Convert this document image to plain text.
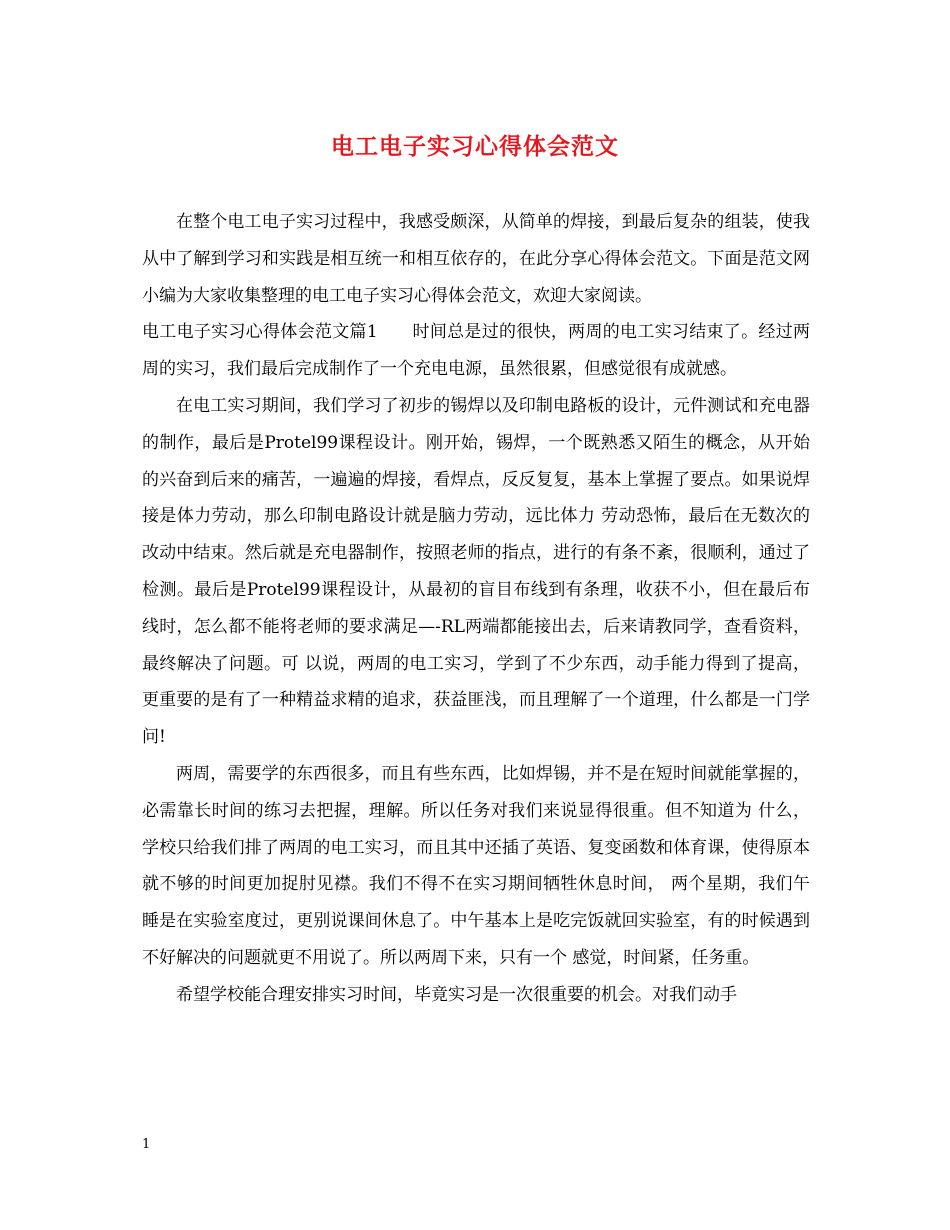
电工电子实习心得体会范文

在整个电工电子实习过程中，我感受颇深，从简单的焊接，到最后复杂的组装，使我从中了解到学习和实践是相互统一和相互依存的，在此分享心得体会范文。下面是范文网小编为大家收集整理的电工电子实习心得体会范文，欢迎大家阅读。

电工电子实习心得体会范文篇1　　时间总是过的很快，两周的电工实习结束了。经过两周的实习，我们最后完成制作了一个充电电源，虽然很累，但感觉很有成就感。

在电工实习期间，我们学习了初步的锡焊以及印制电路板的设计，元件测试和充电器的制作，最后是Protel99课程设计。刚开始，锡焊，一个既熟悉又陌生的概念，从开始的兴奋到后来的痛苦，一遍遍的焊接，看焊点，反反复复，基本上掌握了要点。如果说焊接是体力劳动，那么印制电路设计就是脑力劳动，远比体力 劳动恐怖，最后在无数次的改动中结束。然后就是充电器制作，按照老师的指点，进行的有条不紊，很顺利，通过了检测。最后是Protel99课程设计，从最初的盲目布线到有条理，收获不小，但在最后布线时，怎么都不能将老师的要求满足—-RL两端都能接出去，后来请教同学，查看资料，最终解决了问题。可 以说，两周的电工实习，学到了不少东西，动手能力得到了提高，更重要的是有了一种精益求精的追求，获益匪浅，而且理解了一个道理，什么都是一门学问!

两周，需要学的东西很多，而且有些东西，比如焊锡，并不是在短时间就能掌握的，必需靠长时间的练习去把握，理解。所以任务对我们来说显得很重。但不知道为 什么，学校只给我们排了两周的电工实习，而且其中还插了英语、复变函数和体育课，使得原本就不够的时间更加捉肘见襟。我们不得不在实习期间牺牲休息时间， 两个星期，我们午睡是在实验室度过，更别说课间休息了。中午基本上是吃完饭就回实验室，有的时候遇到不好解决的问题就更不用说了。所以两周下来，只有一个 感觉，时间紧，任务重。

希望学校能合理安排实习时间，毕竟实习是一次很重要的机会。对我们动手

1
